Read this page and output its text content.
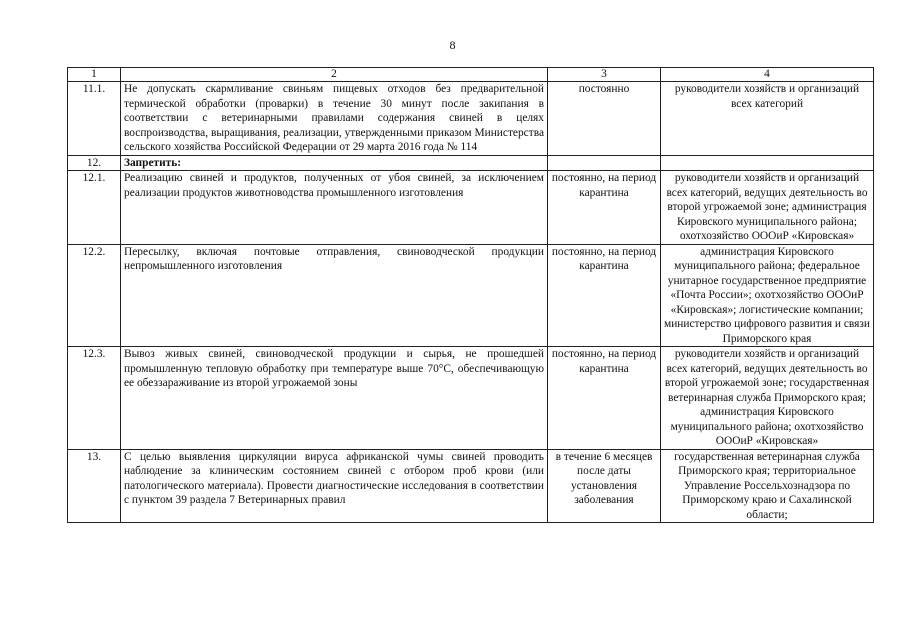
8
1	2	3	4
11.1.	Не допускать скармливание свиньям пищевых отходов без предварительной термической обработки (проварки) в течение 30 минут после закипания в соответствии с ветеринарными правилами содержания свиней в целях воспроизводства, выращивания, реализации, утвержденными приказом Министерства сельского хозяйства Российской Федерации от 29 марта 2016 года № 114	постоянно	руководители хозяйств и организаций всех категорий
12.	Запретить:		
12.1.	Реализацию свиней и продуктов, полученных от убоя свиней, за исключением реализации продуктов животноводства промышленного изготовления	постоянно, на период карантина	руководители хозяйств и организаций всех категорий, ведущих деятельность во второй угрожаемой зоне; администрация Кировского муниципального района; охотхозяйство ОООиР «Кировская»
12.2.	Пересылку, включая почтовые отправления, свиноводческой продукции непромышленного изготовления	постоянно, на период карантина	администрация Кировского муниципального района; федеральное унитарное государственное предприятие «Почта России»; охотхозяйство ОООиР «Кировская»; логистические компании; министерство цифрового развития и связи Приморского края
12.3.	Вывоз живых свиней, свиноводческой продукции и сырья, не прошедшей промышленную тепловую обработку при температуре выше 70°С, обеспечивающую ее обеззараживание из второй угрожаемой зоны	постоянно, на период карантина	руководители хозяйств и организаций всех категорий, ведущих деятельность во второй угрожаемой зоне; государственная ветеринарная служба Приморского края; администрация Кировского муниципального района; охотхозяйство ОООиР «Кировская»
13.	С целью выявления циркуляции вируса африканской чумы свиней проводить наблюдение за клиническим состоянием свиней с отбором проб крови (или патологического материала). Провести диагностические исследования в соответствии с пунктом 39 раздела 7 Ветеринарных правил	в течение 6 месяцев после даты установления заболевания	государственная ветеринарная служба Приморского края; территориальное Управление Россельхознадзора по Приморскому краю и Сахалинской области;
